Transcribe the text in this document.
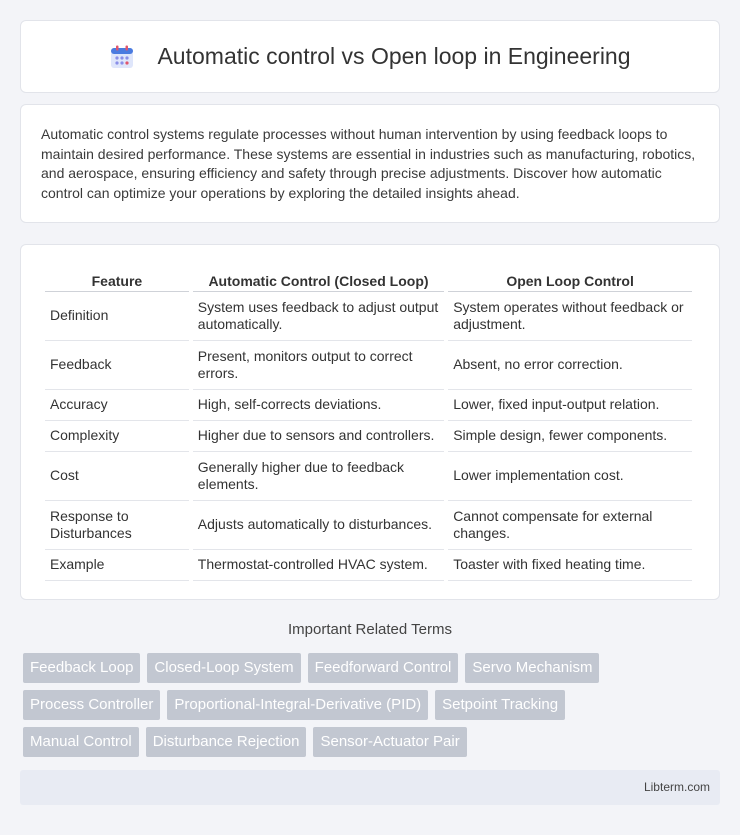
Automatic control vs Open loop in Engineering

Automatic control systems regulate processes without human intervention by using feedback loops to maintain desired performance. These systems are essential in industries such as manufacturing, robotics, and aerospace, ensuring efficiency and safety through precise adjustments. Discover how automatic control can optimize your operations by exploring the detailed insights ahead.

Feature	Automatic Control (Closed Loop)	Open Loop Control
Definition	System uses feedback to adjust output automatically.	System operates without feedback or adjustment.
Feedback	Present, monitors output to correct errors.	Absent, no error correction.
Accuracy	High, self-corrects deviations.	Lower, fixed input-output relation.
Complexity	Higher due to sensors and controllers.	Simple design, fewer components.
Cost	Generally higher due to feedback elements.	Lower implementation cost.
Response to Disturbances	Adjusts automatically to disturbances.	Cannot compensate for external changes.
Example	Thermostat-controlled HVAC system.	Toaster with fixed heating time.
Important Related Terms
Feedback Loop	Closed-Loop System	Feedforward Control	Servo Mechanism
Process Controller	Proportional-Integral-Derivative (PID)	Setpoint Tracking
Manual Control	Disturbance Rejection	Sensor-Actuator Pair
Libterm.com
